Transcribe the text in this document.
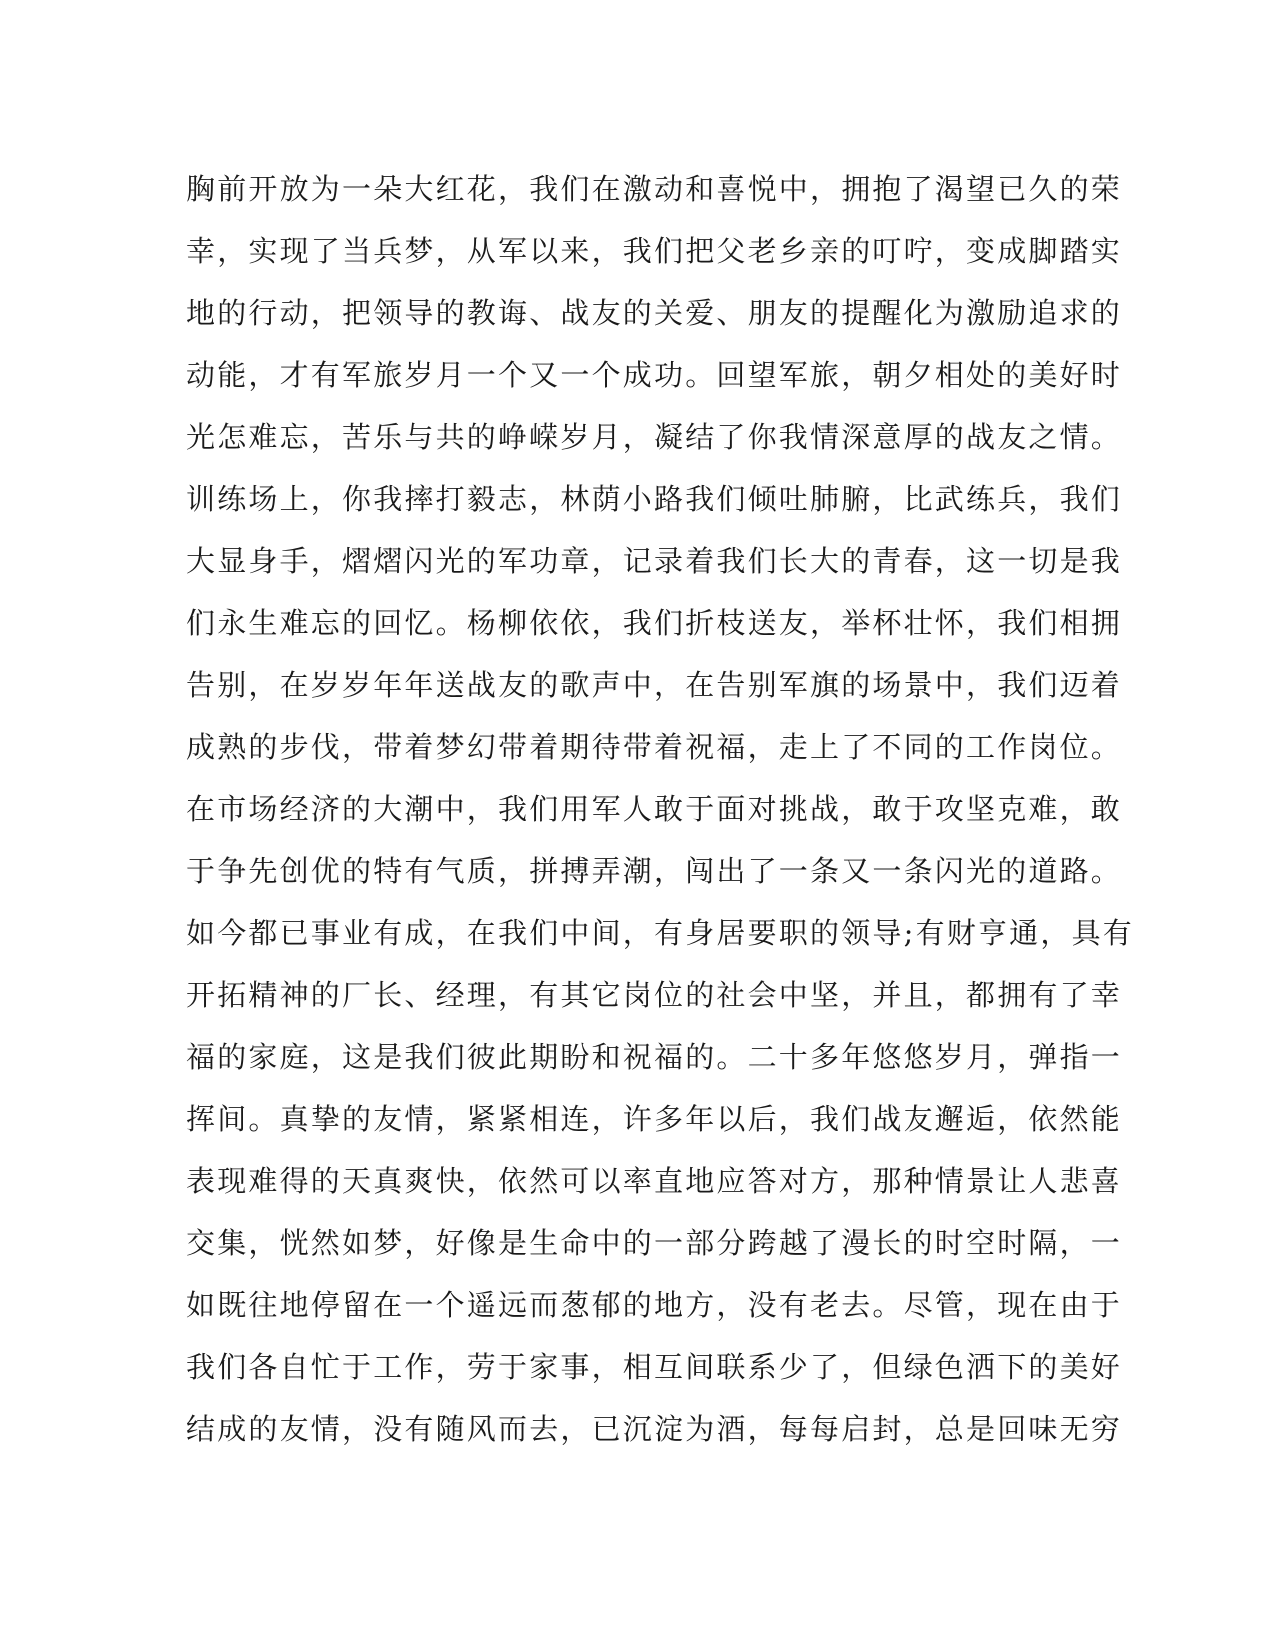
胸前开放为一朵大红花，我们在激动和喜悦中，拥抱了渴望已久的荣
幸，实现了当兵梦，从军以来，我们把父老乡亲的叮咛，变成脚踏实
地的行动，把领导的教诲、战友的关爱、朋友的提醒化为激励追求的
动能，才有军旅岁月一个又一个成功。回望军旅，朝夕相处的美好时
光怎难忘，苦乐与共的峥嵘岁月，凝结了你我情深意厚的战友之情。
训练场上，你我摔打毅志，林荫小路我们倾吐肺腑，比武练兵，我们
大显身手，熠熠闪光的军功章，记录着我们长大的青春，这一切是我
们永生难忘的回忆。杨柳依依，我们折枝送友，举杯壮怀，我们相拥
告别，在岁岁年年送战友的歌声中，在告别军旗的场景中，我们迈着
成熟的步伐，带着梦幻带着期待带着祝福，走上了不同的工作岗位。
在市场经济的大潮中，我们用军人敢于面对挑战，敢于攻坚克难，敢
于争先创优的特有气质，拼搏弄潮，闯出了一条又一条闪光的道路。
如今都已事业有成，在我们中间，有身居要职的领导;有财亨通，具有
开拓精神的厂长、经理，有其它岗位的社会中坚，并且，都拥有了幸
福的家庭，这是我们彼此期盼和祝福的。二十多年悠悠岁月，弹指一
挥间。真挚的友情，紧紧相连，许多年以后，我们战友邂逅，依然能
表现难得的天真爽快，依然可以率直地应答对方，那种情景让人悲喜
交集，恍然如梦，好像是生命中的一部分跨越了漫长的时空时隔，一
如既往地停留在一个遥远而葱郁的地方，没有老去。尽管，现在由于
我们各自忙于工作，劳于家事，相互间联系少了，但绿色洒下的美好
结成的友情，没有随风而去，已沉淀为酒，每每启封，总是回味无穷
